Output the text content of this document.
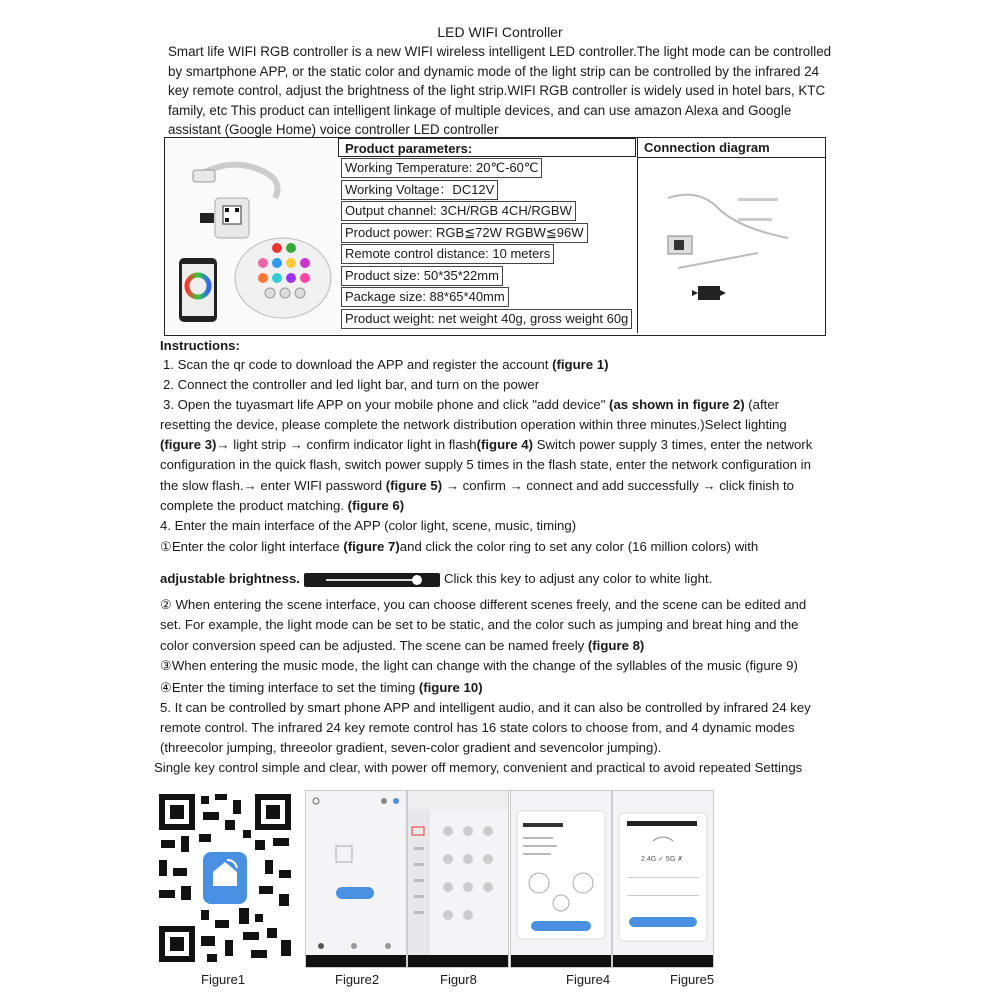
LED WIFI Controller
Smart life WIFI RGB controller is a new WIFI wireless intelligent LED controller.The light mode can be controlled
by smartphone APP, or the static color and dynamic mode of the light strip can be controlled by the infrared 24
key remote control, adjust the brightness of the light strip.WIFI RGB controller is widely used in hotel bars, KTC
family, etc This product can intelligent linkage of multiple devices, and can use amazon Alexa and Google
assistant (Google Home) voice controller LED controller
Product parameters:
Working Temperature: 20℃-60℃
Working Voltage：DC12V
Output channel: 3CH/RGB 4CH/RGBW
Product power: RGB≦72W RGBW≦96W
Remote control distance: 10 meters
Product size: 50*35*22mm
Package size: 88*65*40mm
Product weight: net weight 40g, gross weight 60g
Connection diagram
Instructions:
1. Scan the qr code to download the APP and register the account (figure 1)
2. Connect the controller and led light bar, and turn on the power
3. Open the tuyasmart life APP on your mobile phone and click "add device" (as shown in figure 2) (after
resetting the device, please complete the network distribution operation within three minutes.)Select lighting
(figure 3)→ light strip → confirm indicator light in flash(figure 4) Switch power supply 3 times, enter the network
configuration in the quick flash, switch power supply 5 times in the flash state, enter the network configuration in
the slow flash.→ enter WIFI password (figure 5) → confirm → connect and add successfully → click finish to
complete the product matching. (figure 6)
4. Enter the main interface of the APP (color light, scene, music, timing)
①Enter the color light interface (figure 7)and click the color ring to set any color (16 million colors) with
adjustable brightness.	Click this key to adjust any color to white light.
② When entering the scene interface, you can choose different scenes freely, and the scene can be edited and
set. For example, the light mode can be set to be static, and the color such as jumping and breat hing and the
color conversion speed can be adjusted. The scene can be named freely (figure 8)
③When entering the music mode, the light can change with the change of the syllables of the music (figure 9)
④Enter the timing interface to set the timing (figure 10)
5. It can be controlled by smart phone APP and intelligent audio, and it can also be controlled by infrared 24 key
remote control. The infrared 24 key remote control has 16 state colors to choose from, and 4 dynamic modes
(threecolor jumping, threeolor gradient, seven-color gradient and sevencolor jumping).
Single key control simple and clear, with power off memory, convenient and practical to avoid repeated Settings
2.4G ✓ 5G ✗
Figure1	Figure2	Figur8	Figure4	Figure5
